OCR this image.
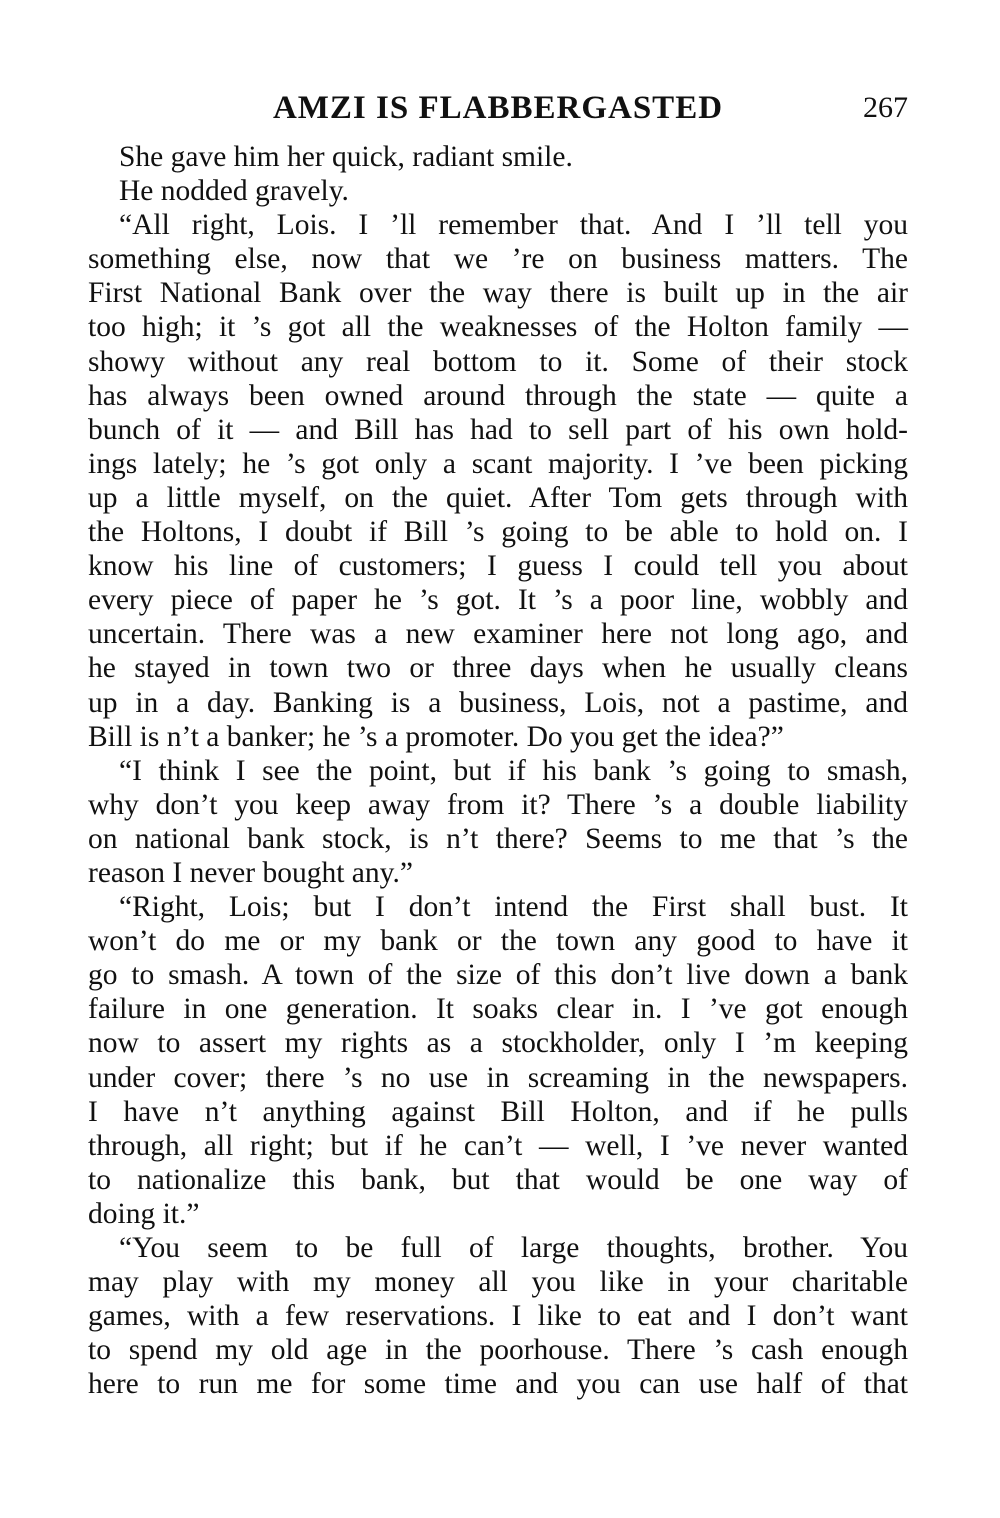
AMZI IS FLABBERGASTED	267
She gave him her quick, radiant smile.
He nodded gravely.
“All right, Lois. I ’ll remember that. And I ’ll tell you
something else, now that we ’re on business matters. The
First National Bank over the way there is built up in the air
too high; it ’s got all the weaknesses of the Holton family —
showy without any real bottom to it. Some of their stock
has always been owned around through the state — quite a
bunch of it — and Bill has had to sell part of his own hold-
ings lately; he ’s got only a scant majority. I ’ve been picking
up a little myself, on the quiet. After Tom gets through with
the Holtons, I doubt if Bill ’s going to be able to hold on. I
know his line of customers; I guess I could tell you about
every piece of paper he ’s got. It ’s a poor line, wobbly and
uncertain. There was a new examiner here not long ago, and
he stayed in town two or three days when he usually cleans
up in a day. Banking is a business, Lois, not a pastime, and
Bill is n’t a banker; he ’s a promoter. Do you get the idea?”
“I think I see the point, but if his bank ’s going to smash,
why don’t you keep away from it? There ’s a double liability
on national bank stock, is n’t there? Seems to me that ’s the
reason I never bought any.”
“Right, Lois; but I don’t intend the First shall bust. It
won’t do me or my bank or the town any good to have it
go to smash. A town of the size of this don’t live down a bank
failure in one generation. It soaks clear in. I ’ve got enough
now to assert my rights as a stockholder, only I ’m keeping
under cover; there ’s no use in screaming in the newspapers.
I have n’t anything against Bill Holton, and if he pulls
through, all right; but if he can’t — well, I ’ve never wanted
to nationalize this bank, but that would be one way of
doing it.”
“You seem to be full of large thoughts, brother. You
may play with my money all you like in your charitable
games, with a few reservations. I like to eat and I don’t want
to spend my old age in the poorhouse. There ’s cash enough
here to run me for some time and you can use half of that
